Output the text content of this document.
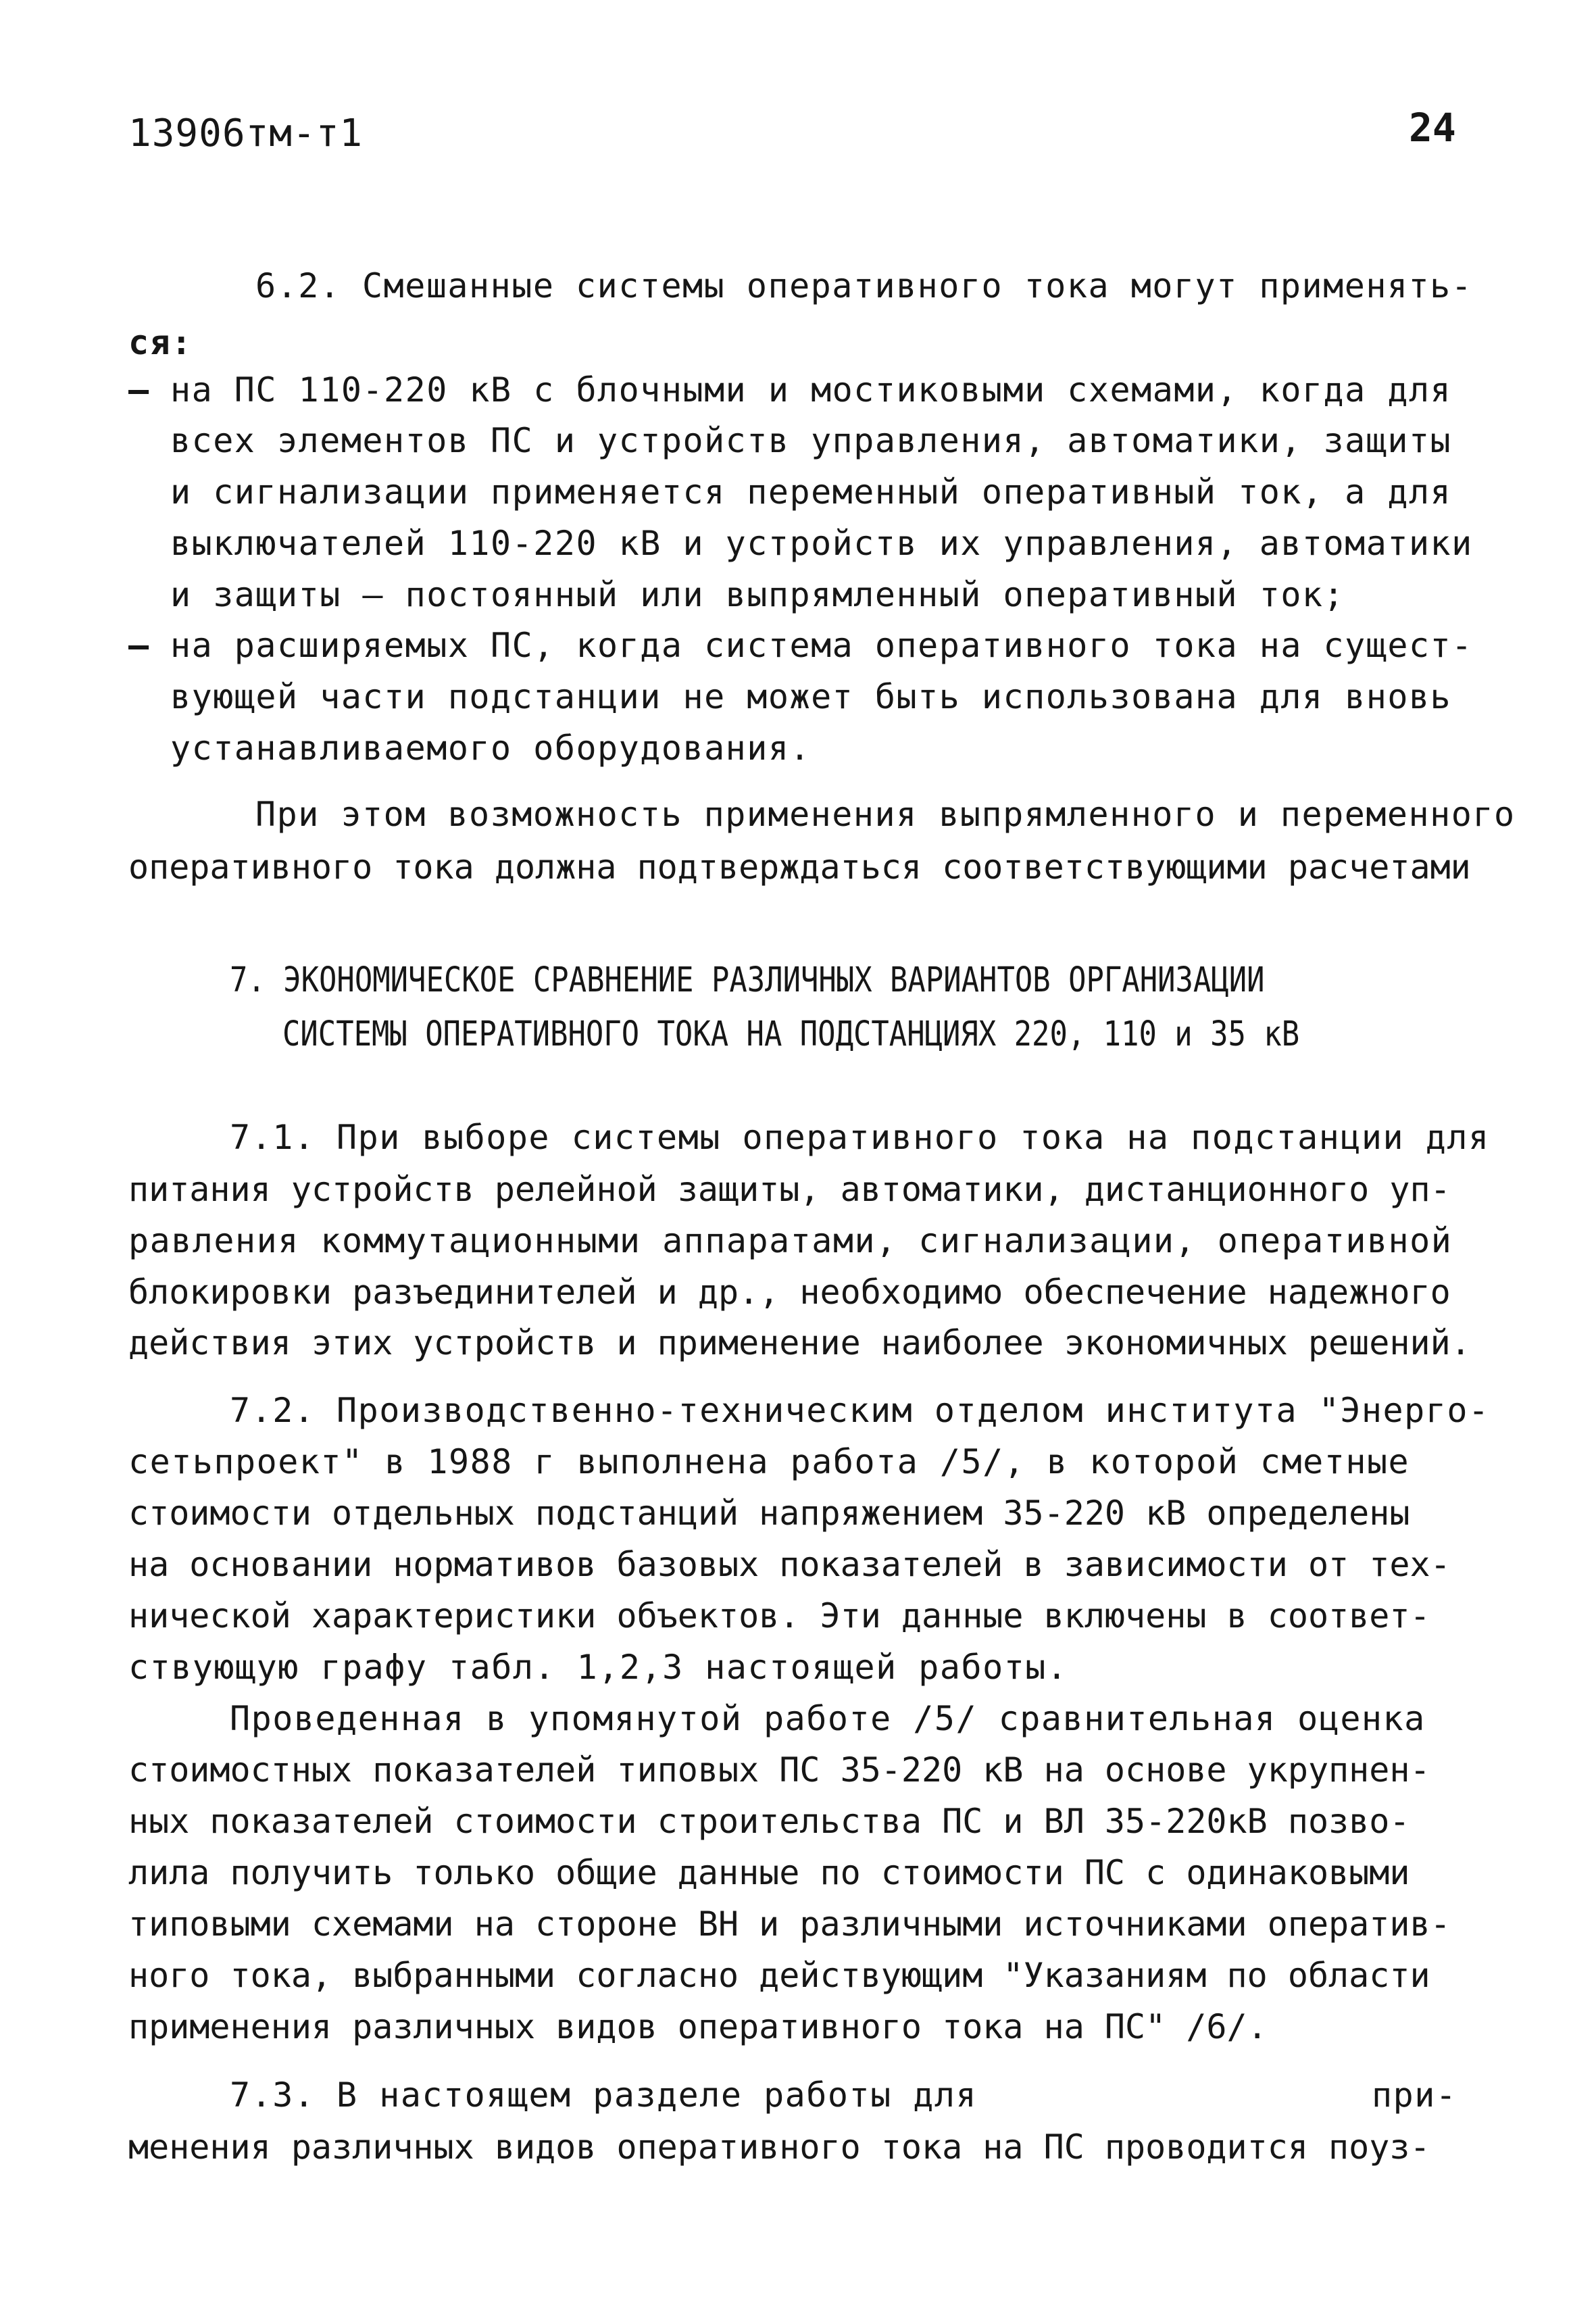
13906тм-т1	24
6.2. Смешанные системы оперативного тока могут применять-
ся:
– на ПС 110-220 кВ с блочными и мостиковыми схемами, когда для
всех элементов ПС и устройств управления, автоматики, защиты
и сигнализации применяется переменный оперативный ток, а для
выключателей 110-220 кВ и устройств их управления, автоматики
и защиты – постоянный или выпрямленный оперативный ток;
– на расширяемых ПС, когда система оперативного тока на сущест-
вующей части подстанции не может быть использована для вновь
устанавливаемого оборудования.
При этом возможность применения выпрямленного и переменного
оперативного тока должна подтверждаться соответствующими расчетами
7. ЭКОНОМИЧЕСКОЕ СРАВНЕНИЕ РАЗЛИЧНЫХ ВАРИАНТОВ ОРГАНИЗАЦИИ
СИСТЕМЫ ОПЕРАТИВНОГО ТОКА НА ПОДСТАНЦИЯХ 220, 110 и 35 кВ
7.1. При выборе системы оперативного тока на подстанции для
питания устройств релейной защиты, автоматики, дистанционного уп-
равления коммутационными аппаратами, сигнализации, оперативной
блокировки разъединителей и др., необходимо обеспечение надежного
действия этих устройств и применение наиболее экономичных решений.
7.2. Производственно-техническим отделом института "Энерго-
сетьпроект" в 1988 г выполнена работа /5/, в которой сметные
стоимости отдельных подстанций напряжением 35-220 кВ определены
на основании нормативов базовых показателей в зависимости от тех-
нической характеристики объектов. Эти данные включены в соответ-
ствующую графу табл. 1,2,3 настоящей работы.
Проведенная в упомянутой работе /5/ сравнительная оценка
стоимостных показателей типовых ПС 35-220 кВ на основе укрупнен-
ных показателей стоимости строительства ПС и ВЛ 35-220кВ позво-
лила получить только общие данные по стоимости ПС с одинаковыми
типовыми схемами на стороне ВН и различными источниками оператив-
ного тока, выбранными согласно действующим "Указаниям по области
применения различных видов оперативного тока на ПС" /6/.
7.3. В настоящем разделе работы для	при-
менения различных видов оперативного тока на ПС проводится поуз-
